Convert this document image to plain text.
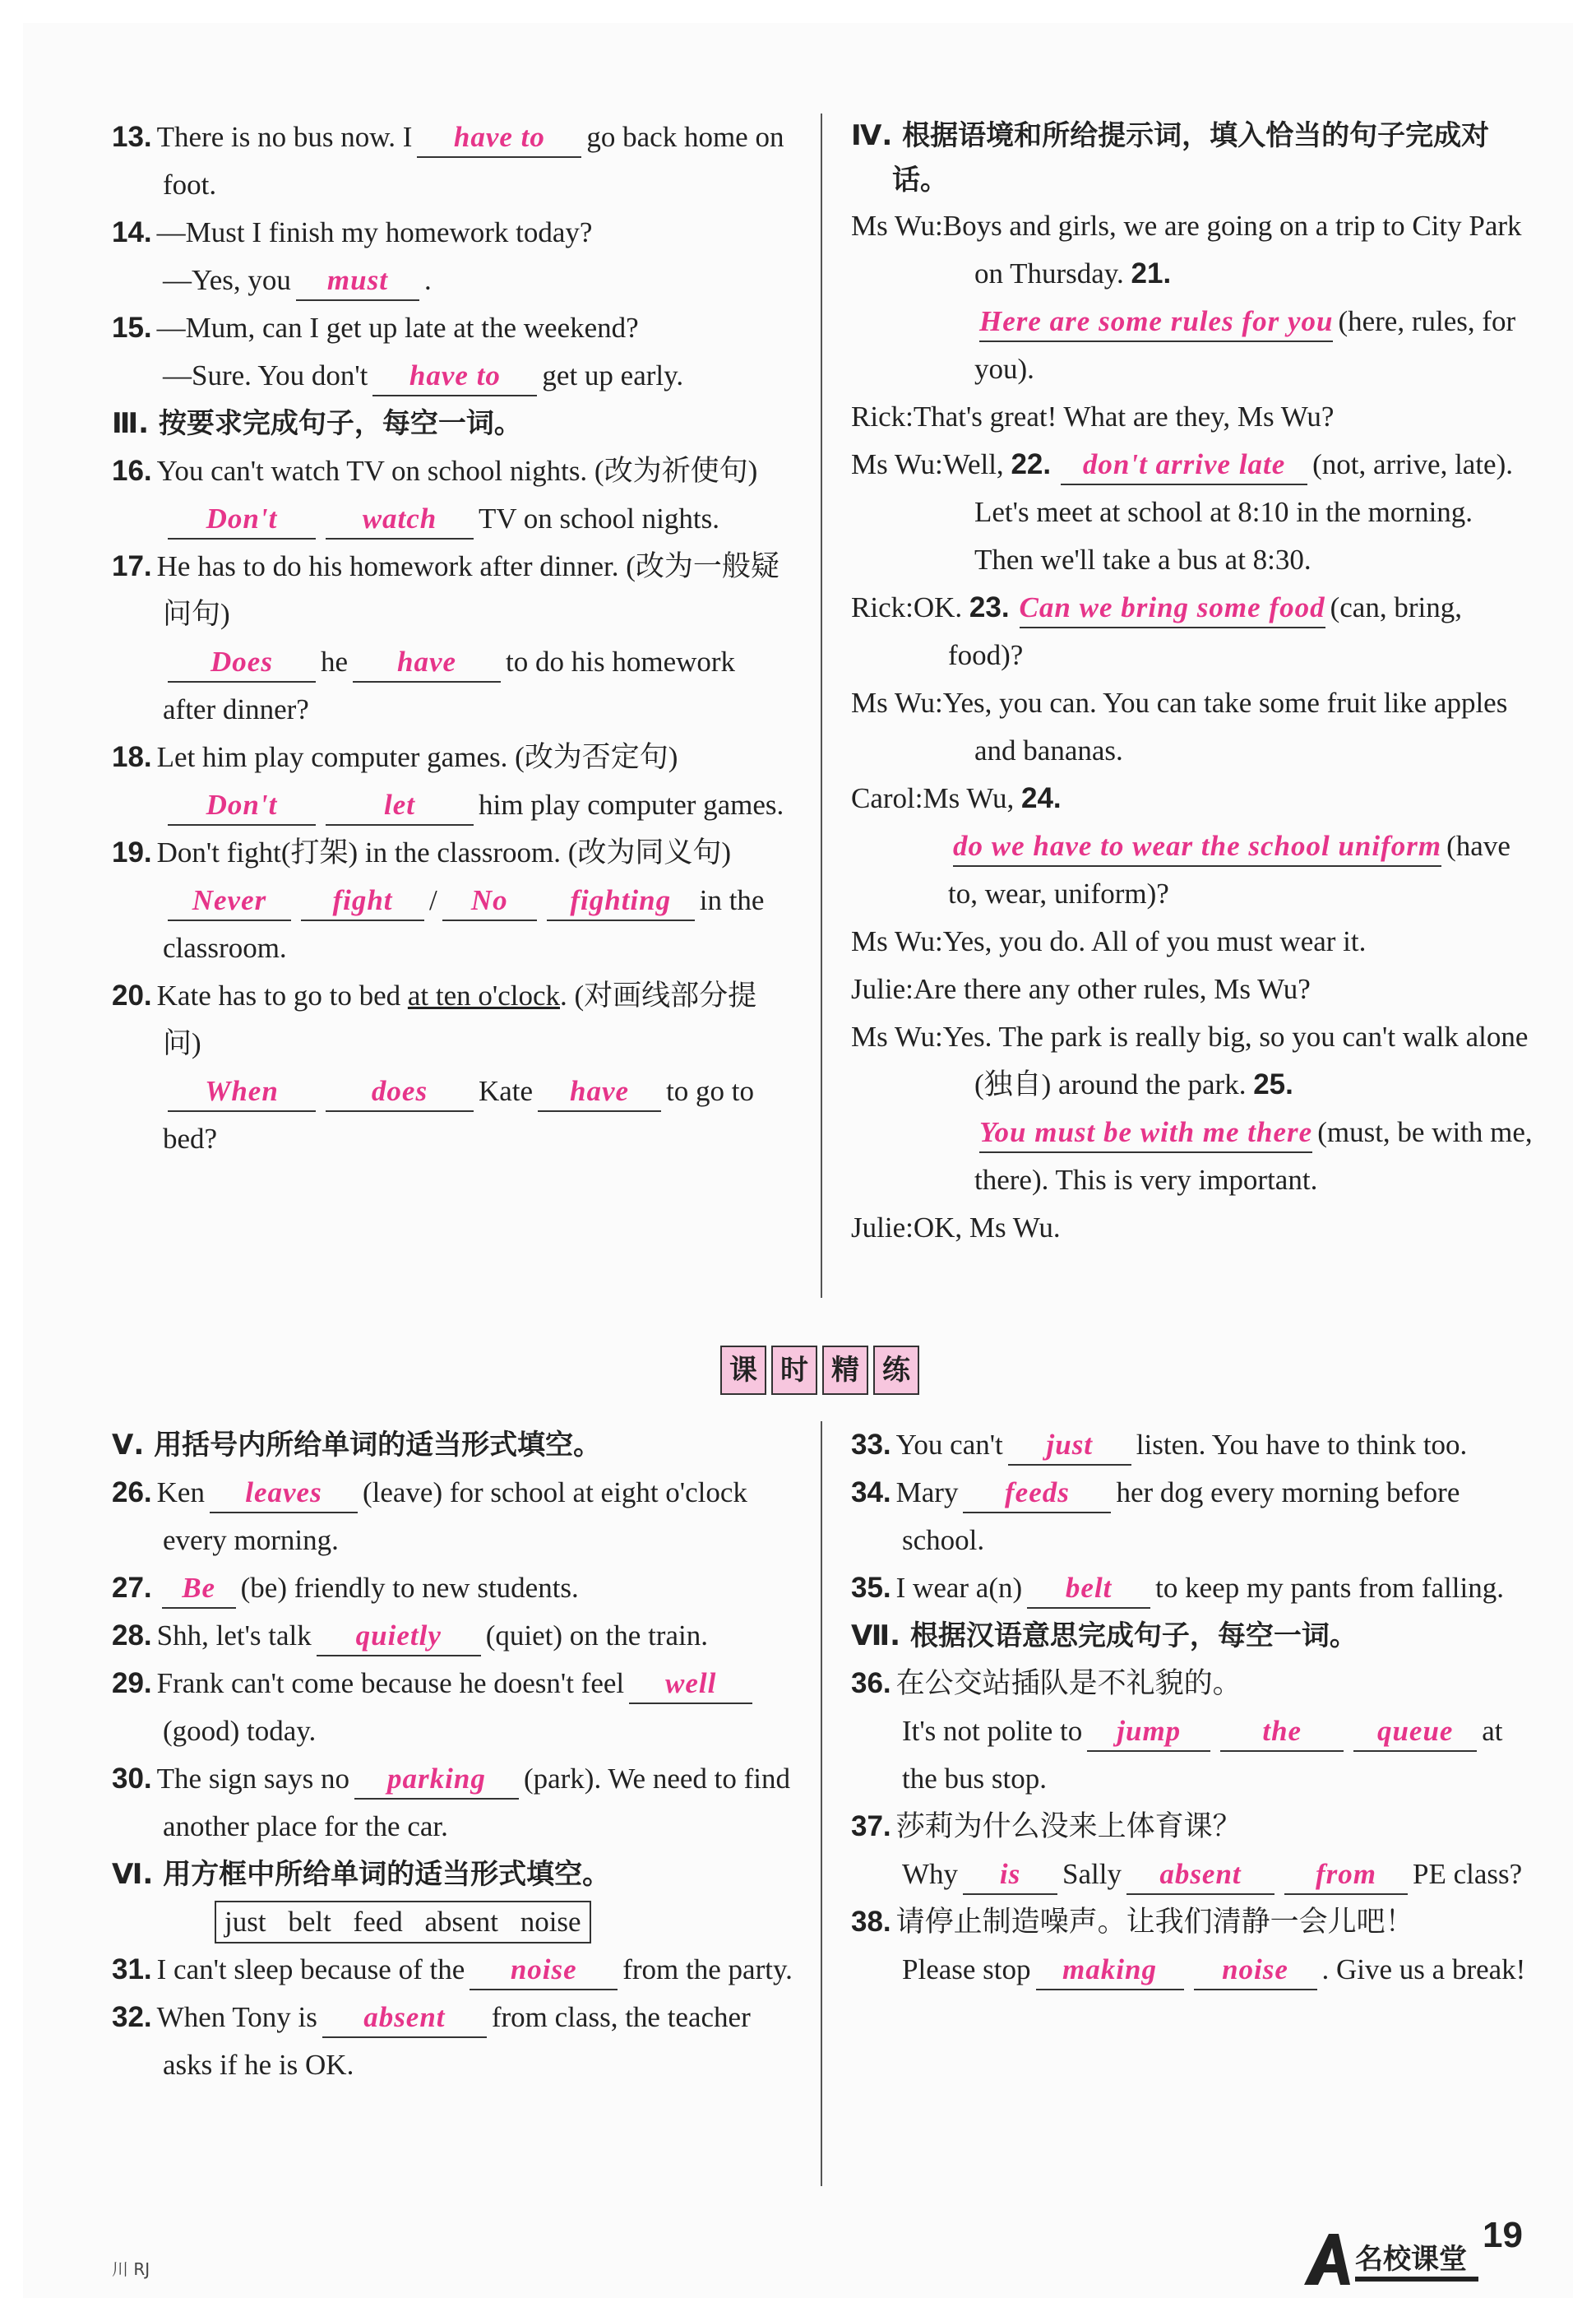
13. There is no bus now. I have to go back home on foot.
14. —Must I finish my homework today?
—Yes, you must .
15. —Mum, can I get up late at the weekend?
—Sure. You don't have to get up early.
Ⅲ. 按要求完成句子，每空一词。
16. You can't watch TV on school nights. (改为祈使句)
Don't	watch TV on school nights.
17. He has to do his homework after dinner. (改为一般疑问句)
Does he have to do his homework after dinner?
18. Let him play computer games. (改为否定句)
Don't	let him play computer games.
19. Don't fight(打架) in the classroom. (改为同义句)
Never fight / No fighting in the classroom.
20. Kate has to go to bed at ten o'clock. (对画线部分提问)
When	does Kate have to go to bed?
Ⅳ. 根据语境和所给提示词，填入恰当的句子完成对话。
Ms Wu:Boys and girls, we are going on a trip to City Park on Thursday. 21.Here are some rules for you (here, rules, for you).
Rick:That's great! What are they, Ms Wu?
Ms Wu:Well, 22. don't arrive late (not, arrive, late). Let's meet at school at 8:10 in the morning. Then we'll take a bus at 8:30.
Rick:OK. 23. Can we bring some food (can, bring, food)?
Ms Wu:Yes, you can. You can take some fruit like apples and bananas.
Carol:Ms Wu, 24.do we have to wear the school uniform (have to, wear, uniform)?
Ms Wu:Yes, you do. All of you must wear it.
Julie:Are there any other rules, Ms Wu?
Ms Wu:Yes. The park is really big, so you can't walk alone (独自) around the park. 25.You must be with me there (must, be with me, there). This is very important.
Julie:OK, Ms Wu.
课 时 精 练
Ⅴ. 用括号内所给单词的适当形式填空。
26. Ken leaves (leave) for school at eight o'clock every morning.
27. Be (be) friendly to new students.
28. Shh, let's talk quietly (quiet) on the train.
29. Frank can't come because he doesn't feel well(good) today.
30. The sign says no parking (park). We need to find another place for the car.
Ⅵ. 用方框中所给单词的适当形式填空。
just belt feed absent noise
31. I can't sleep because of the noise from the party.
32. When Tony is absent from class, the teacher asks if he is OK.
33. You can't just listen. You have to think too.
34. Mary feeds her dog every morning before school.
35. I wear a(n) belt to keep my pants from falling.
Ⅶ. 根据汉语意思完成句子，每空一词。
36. 在公交站插队是不礼貌的。
It's not polite to jump	the	queue at the bus stop.
37. 莎莉为什么没来上体育课？
Why is Sally absent	from PE class?
38. 请停止制造噪声。让我们清静一会儿吧！
Please stop making noise . Give us a break!
川 RJ	名校课堂
19
